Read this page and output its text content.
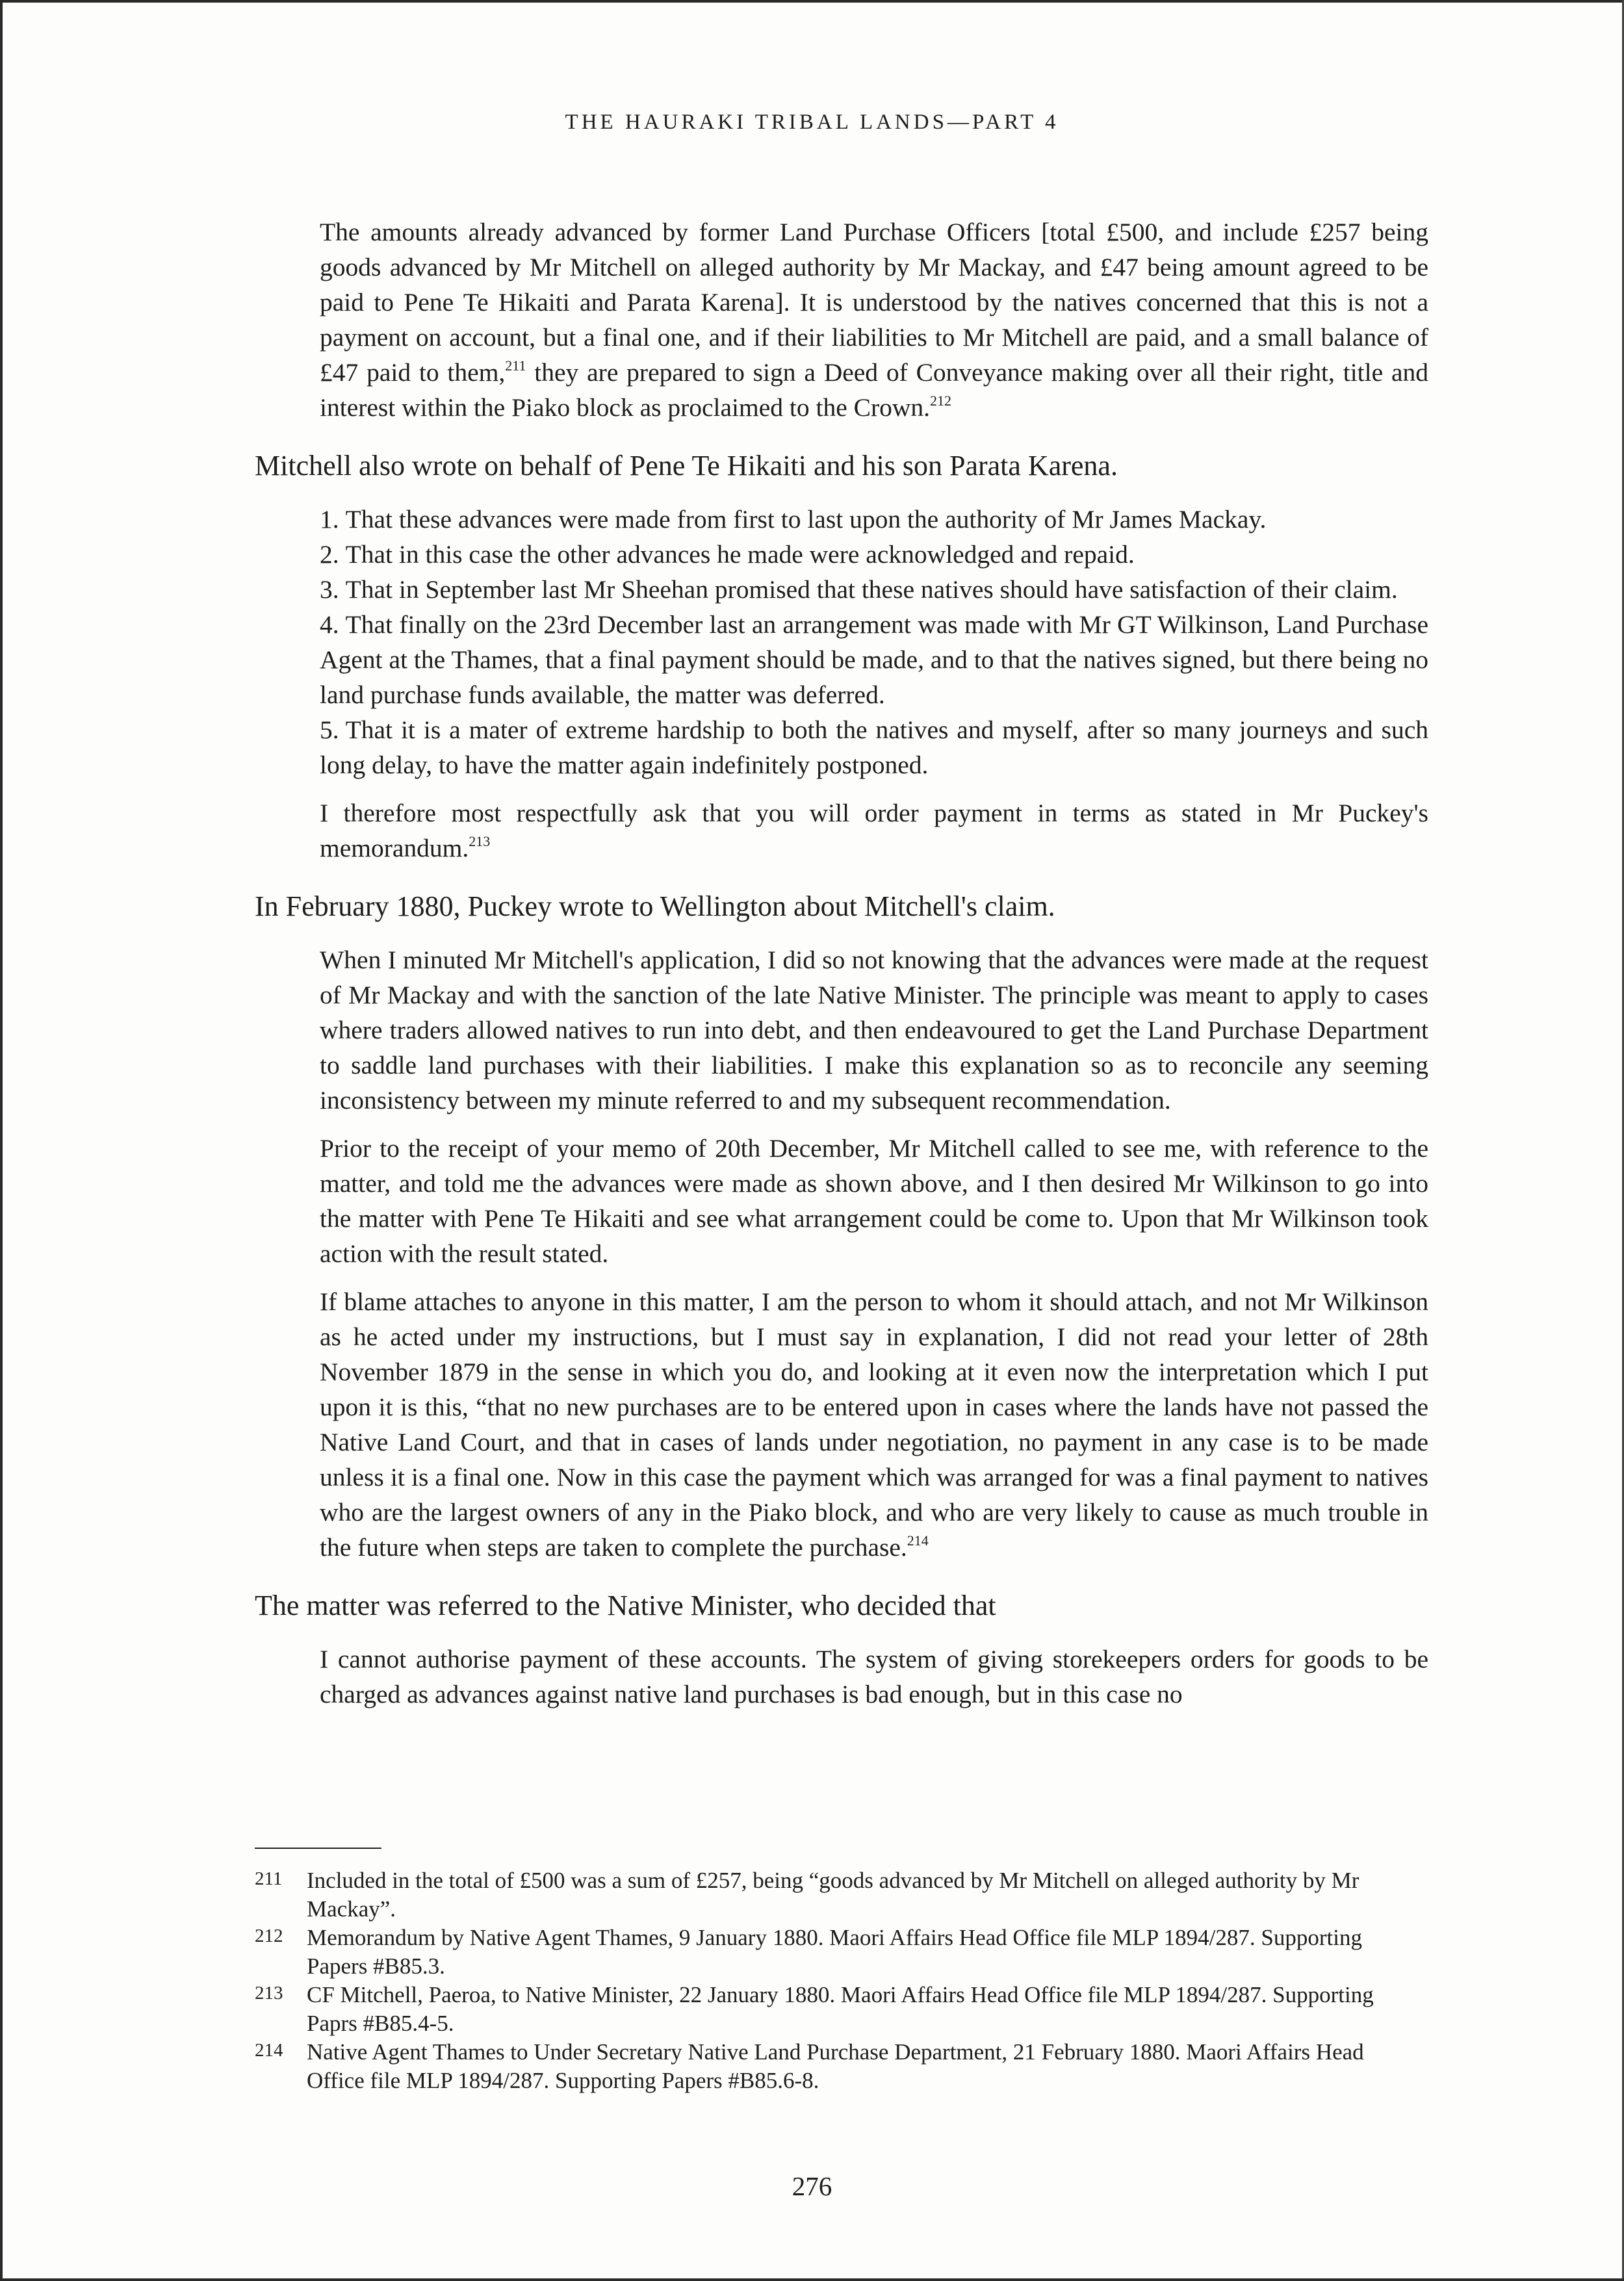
THE HAURAKI TRIBAL LANDS—PART 4

The amounts already advanced by former Land Purchase Officers [total £500, and include £257 being goods advanced by Mr Mitchell on alleged authority by Mr Mackay, and £47 being amount agreed to be paid to Pene Te Hikaiti and Parata Karena]. It is understood by the natives concerned that this is not a payment on account, but a final one, and if their liabilities to Mr Mitchell are paid, and a small balance of £47 paid to them,$^{211}$ they are prepared to sign a Deed of Conveyance making over all their right, title and interest within the Piako block as proclaimed to the Crown.$^{212}$

Mitchell also wrote on behalf of Pene Te Hikaiti and his son Parata Karena.

1. That these advances were made from first to last upon the authority of Mr James Mackay.
2. That in this case the other advances he made were acknowledged and repaid.
3. That in September last Mr Sheehan promised that these natives should have satisfaction of their claim.
4. That finally on the 23rd December last an arrangement was made with Mr GT Wilkinson, Land Purchase Agent at the Thames, that a final payment should be made, and to that the natives signed, but there being no land purchase funds available, the matter was deferred.
5. That it is a mater of extreme hardship to both the natives and myself, after so many journeys and such long delay, to have the matter again indefinitely postponed.

I therefore most respectfully ask that you will order payment in terms as stated in Mr Puckey's memorandum.$^{213}$

In February 1880, Puckey wrote to Wellington about Mitchell's claim.

When I minuted Mr Mitchell's application, I did so not knowing that the advances were made at the request of Mr Mackay and with the sanction of the late Native Minister. The principle was meant to apply to cases where traders allowed natives to run into debt, and then endeavoured to get the Land Purchase Department to saddle land purchases with their liabilities. I make this explanation so as to reconcile any seeming inconsistency between my minute referred to and my subsequent recommendation.

Prior to the receipt of your memo of 20th December, Mr Mitchell called to see me, with reference to the matter, and told me the advances were made as shown above, and I then desired Mr Wilkinson to go into the matter with Pene Te Hikaiti and see what arrangement could be come to. Upon that Mr Wilkinson took action with the result stated.

If blame attaches to anyone in this matter, I am the person to whom it should attach, and not Mr Wilkinson as he acted under my instructions, but I must say in explanation, I did not read your letter of 28th November 1879 in the sense in which you do, and looking at it even now the interpretation which I put upon it is this, “that no new purchases are to be entered upon in cases where the lands have not passed the Native Land Court, and that in cases of lands under negotiation, no payment in any case is to be made unless it is a final one. Now in this case the payment which was arranged for was a final payment to natives who are the largest owners of any in the Piako block, and who are very likely to cause as much trouble in the future when steps are taken to complete the purchase.$^{214}$

The matter was referred to the Native Minister, who decided that

I cannot authorise payment of these accounts. The system of giving storekeepers orders for goods to be charged as advances against native land purchases is bad enough, but in this case no

211	Included in the total of £500 was a sum of £257, being “goods advanced by Mr Mitchell on alleged authority by Mr Mackay”.
212	Memorandum by Native Agent Thames, 9 January 1880. Maori Affairs Head Office file MLP 1894/287. Supporting Papers #B85.3.
213	CF Mitchell, Paeroa, to Native Minister, 22 January 1880. Maori Affairs Head Office file MLP 1894/287. Supporting Paprs #B85.4-5.
214	Native Agent Thames to Under Secretary Native Land Purchase Department, 21 February 1880. Maori Affairs Head Office file MLP 1894/287. Supporting Papers #B85.6-8.
276
